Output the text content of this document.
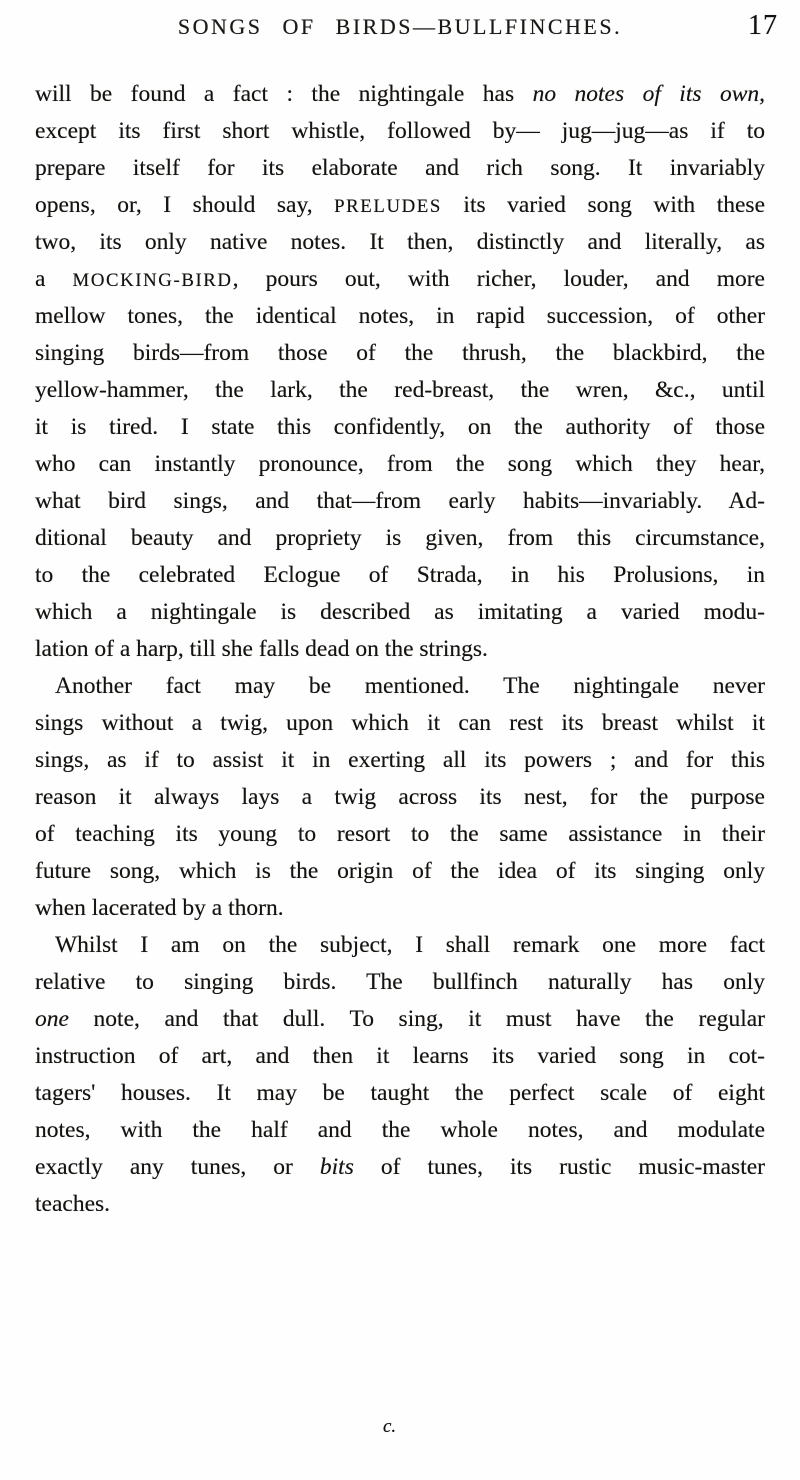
SONGS OF BIRDS—BULLFINCHES.	17
will be found a fact : the nightingale has no notes of its own,
except its first short whistle, followed by— jug—jug—as if to
prepare itself for its elaborate and rich song. It invariably
opens, or, I should say, PRELUDES its varied song with these
two, its only native notes. It then, distinctly and literally, as
a MOCKING-BIRD, pours out, with richer, louder, and more
mellow tones, the identical notes, in rapid succession, of other
singing birds—from those of the thrush, the blackbird, the
yellow-hammer, the lark, the red-breast, the wren, &c., until
it is tired. I state this confidently, on the authority of those
who can instantly pronounce, from the song which they hear,
what bird sings, and that—from early habits—invariably. Ad-
ditional beauty and propriety is given, from this circumstance,
to the celebrated Eclogue of Strada, in his Prolusions, in
which a nightingale is described as imitating a varied modu-
lation of a harp, till she falls dead on the strings.
Another fact may be mentioned. The nightingale never
sings without a twig, upon which it can rest its breast whilst it
sings, as if to assist it in exerting all its powers ; and for this
reason it always lays a twig across its nest, for the purpose
of teaching its young to resort to the same assistance in their
future song, which is the origin of the idea of its singing only
when lacerated by a thorn.
Whilst I am on the subject, I shall remark one more fact
relative to singing birds. The bullfinch naturally has only
one note, and that dull. To sing, it must have the regular
instruction of art, and then it learns its varied song in cot-
tagers' houses. It may be taught the perfect scale of eight
notes, with the half and the whole notes, and modulate
exactly any tunes, or bits of tunes, its rustic music-master
teaches.
c.
